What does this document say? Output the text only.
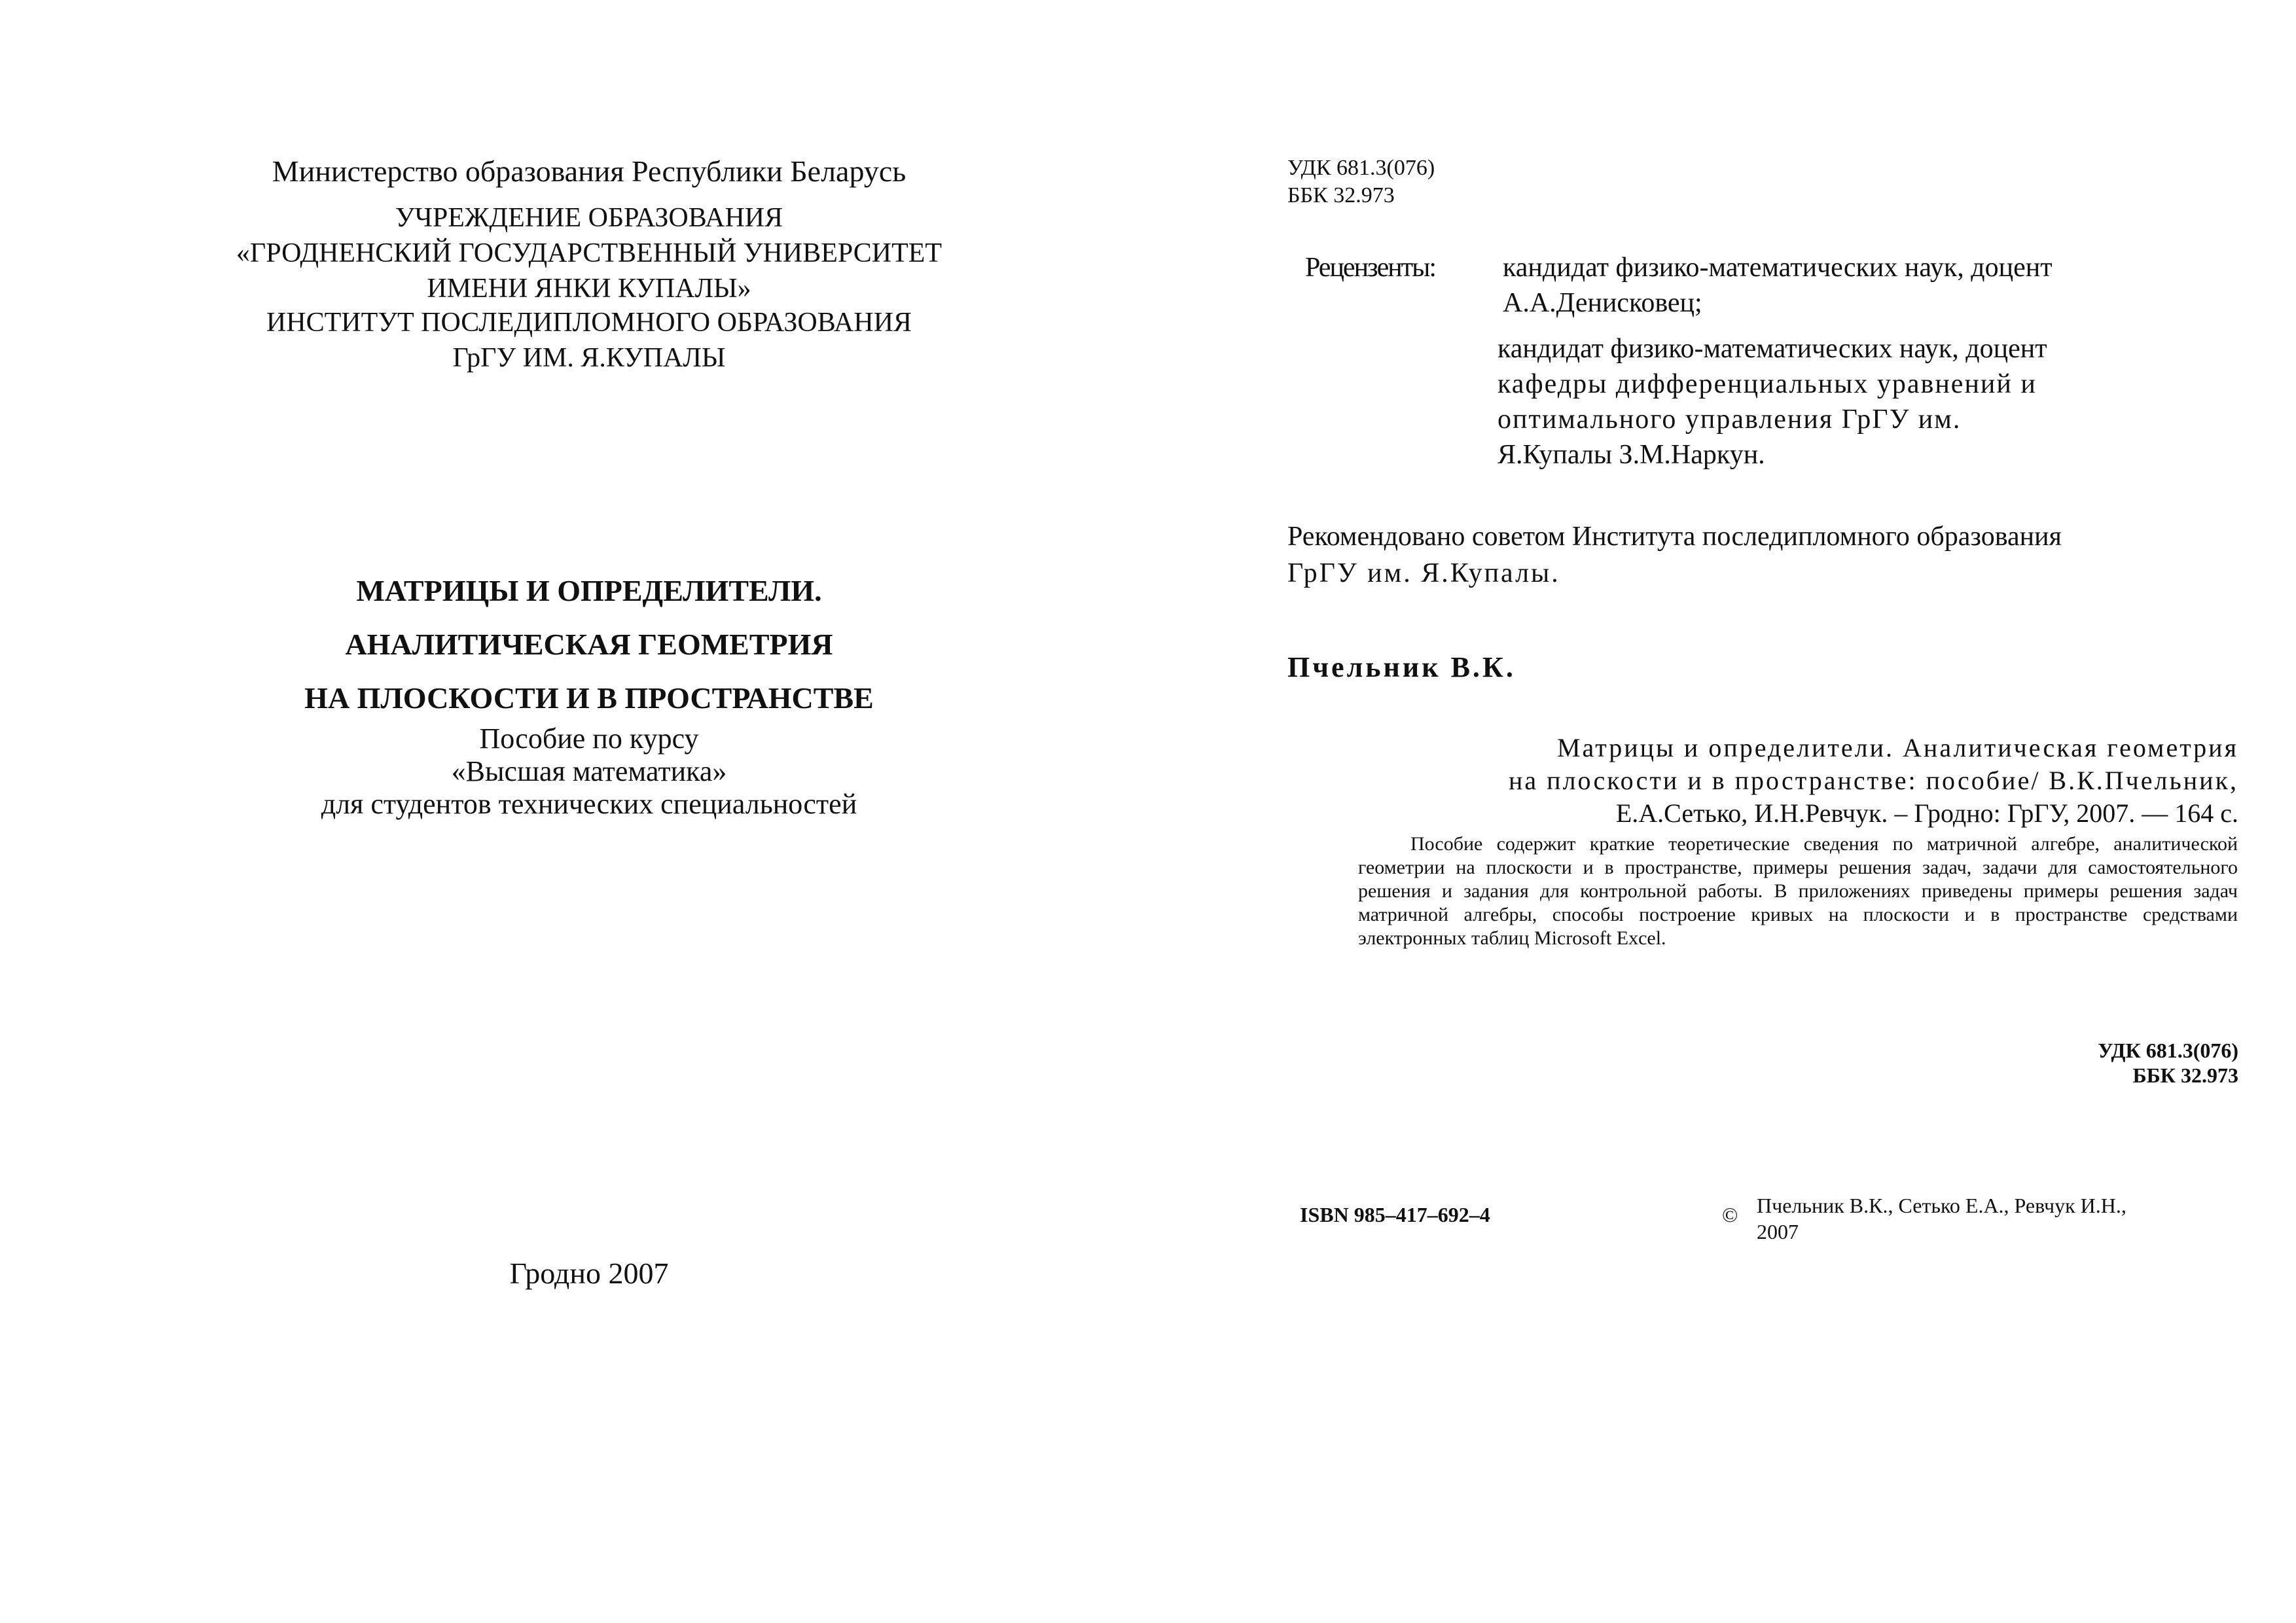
Министерство образования Республики Беларусь
УЧРЕЖДЕНИЕ ОБРАЗОВАНИЯ
«ГРОДНЕНСКИЙ ГОСУДАРСТВЕННЫЙ УНИВЕРСИТЕТ
ИМЕНИ ЯНКИ КУПАЛЫ»
ИНСТИТУТ ПОСЛЕДИПЛОМНОГО ОБРАЗОВАНИЯ
ГрГУ ИМ. Я.КУПАЛЫ
МАТРИЦЫ И ОПРЕДЕЛИТЕЛИ.
АНАЛИТИЧЕСКАЯ ГЕОМЕТРИЯ
НА ПЛОСКОСТИ И В ПРОСТРАНСТВЕ
Пособие по курсу
«Высшая математика»
для студентов технических специальностей
Гродно 2007
УДК 681.3(076)
ББК 32.973
Рецензенты: кандидат физико-математических наук, доцент
А.А.Денисковец;
кандидат физико-математических наук, доцент
кафедры дифференциальных уравнений и
оптимального управления ГрГУ им.
Я.Купалы З.М.Наркун.
Рекомендовано советом Института последипломного образования
ГрГУ им. Я.Купалы.
Пчельник В.К.
Матрицы и определители. Аналитическая геометрия
на плоскости и в пространстве: пособие/ В.К.Пчельник,
Е.А.Сетько, И.Н.Ревчук. – Гродно: ГрГУ, 2007. — 164 с.
Пособие содержит краткие теоретические сведения по матричной алгебре, аналитической геометрии на плоскости и в пространстве, примеры решения задач, задачи для самостоятельного решения и задания для контрольной работы. В приложениях приведены примеры решения задач матричной алгебры, способы построение кривых на плоскости и в пространстве средствами электронных таблиц Microsoft Excel.
УДК 681.3(076)
ББК 32.973
ISBN 985–417–692–4	© Пчельник В.К., Сетько Е.А., Ревчук И.Н.,
2007
